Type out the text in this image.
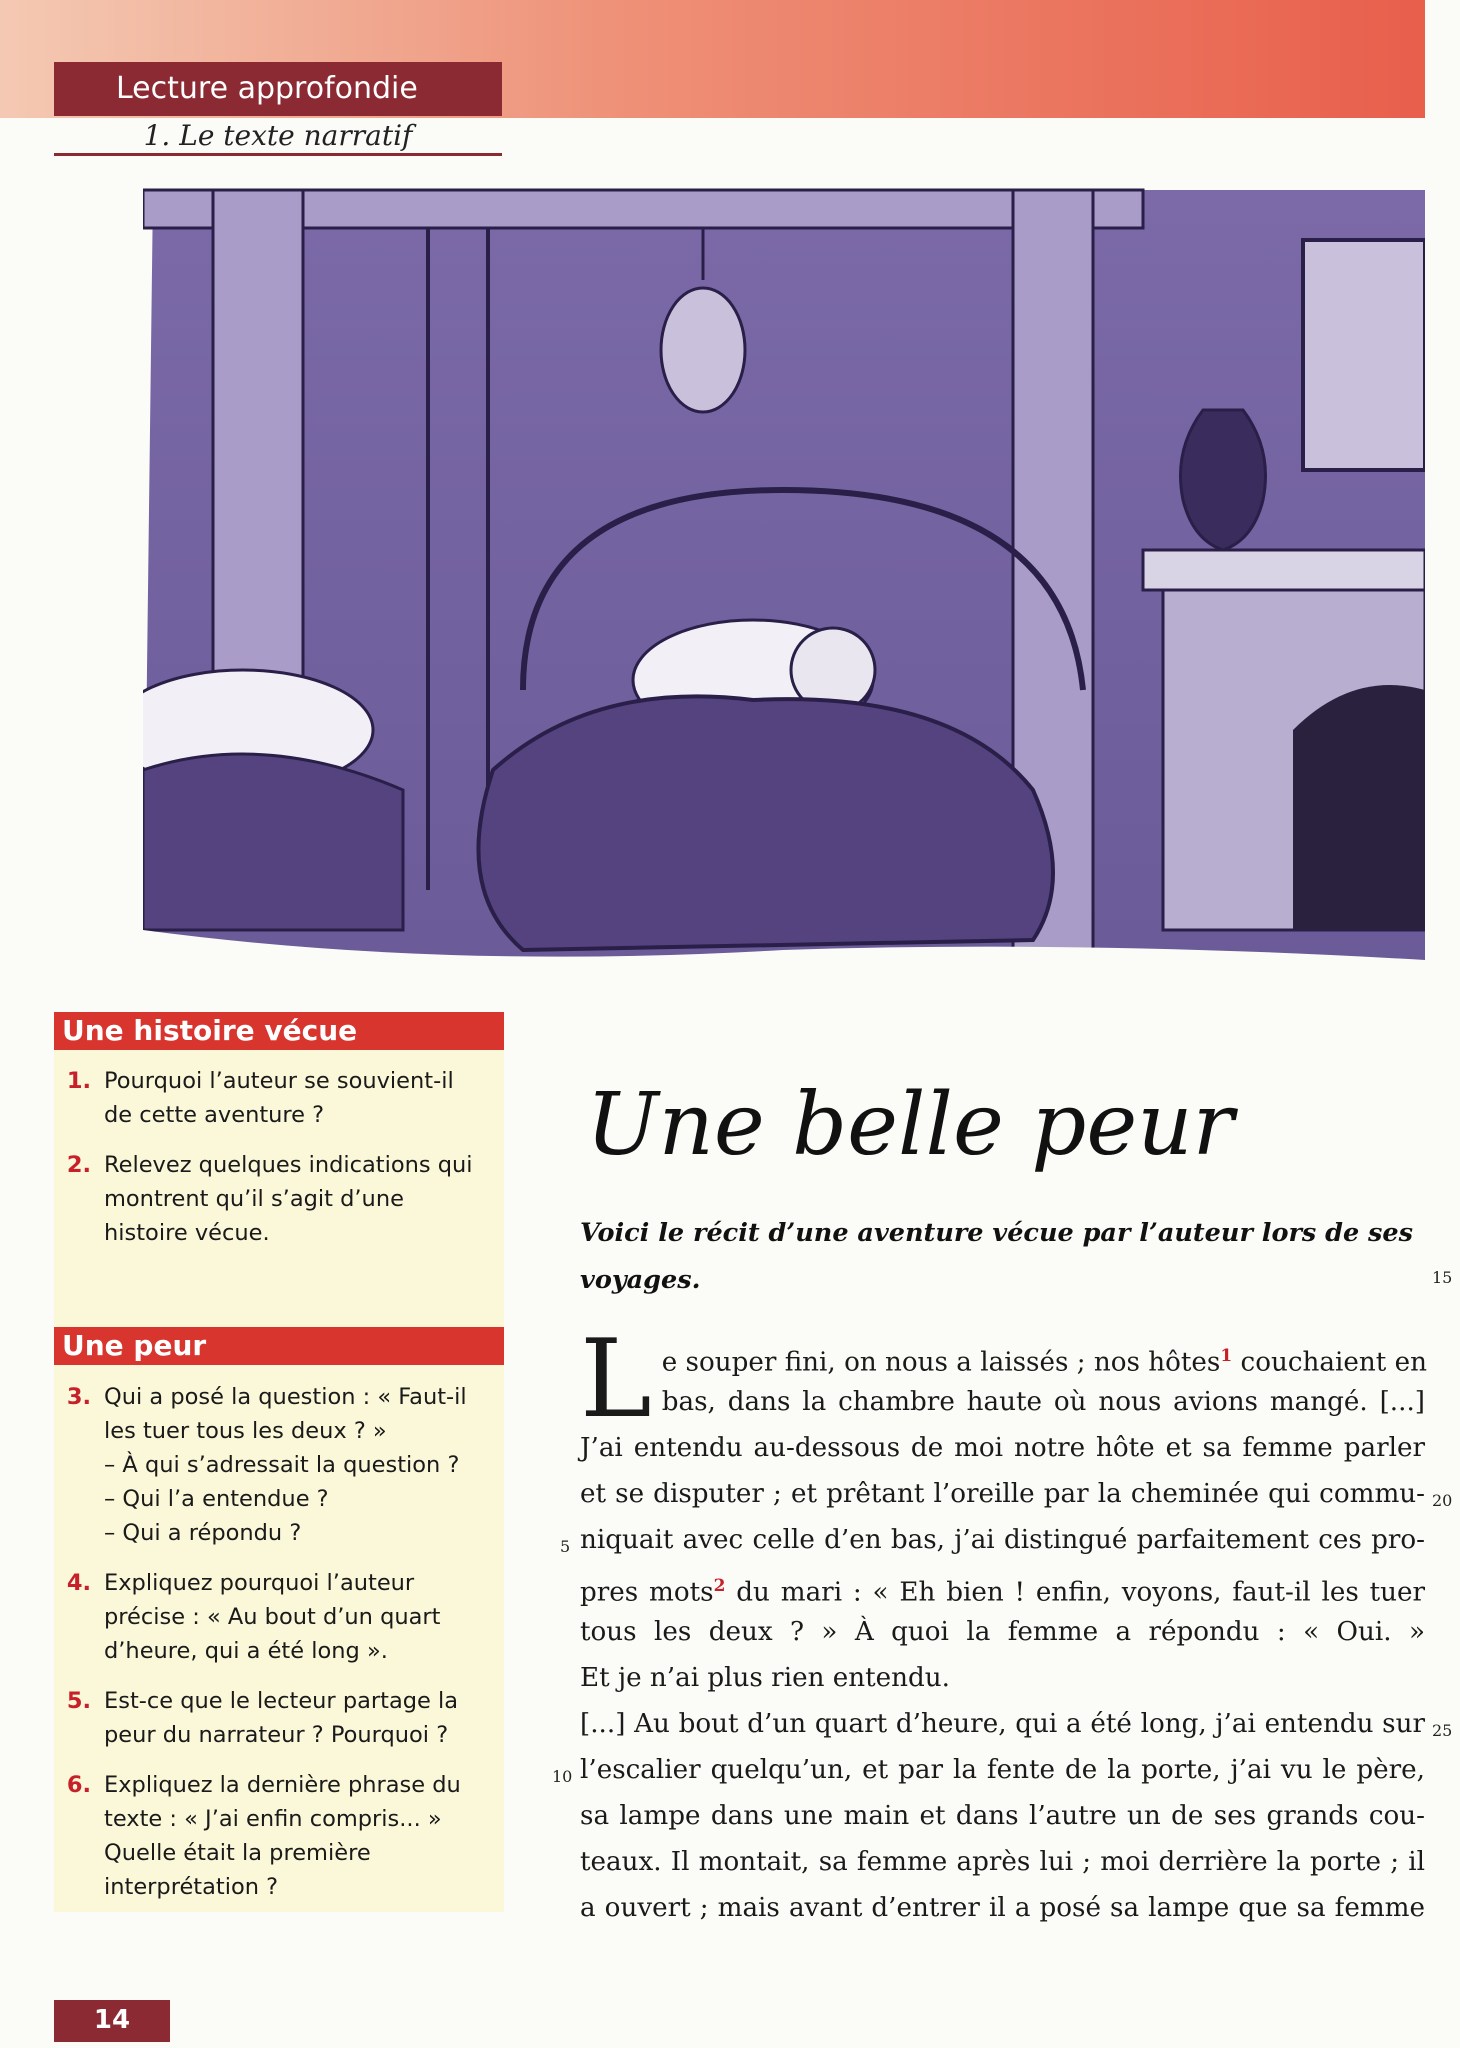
Lecture approfondie
1. Le texte narratif
Une histoire vécue
1. Pourquoi l’auteur se souvient-il de cette aventure ?
2. Relevez quelques indications qui montrent qu’il s’agit d’une histoire vécue.
Une peur
3. Qui a posé la question : « Faut-il les tuer tous les deux ? »
– À qui s’adressait la question ?
– Qui l’a entendue ?
– Qui a répondu ?
4. Expliquez pourquoi l’auteur précise : « Au bout d’un quart d’heure, qui a été long ».
5. Est-ce que le lecteur partage la peur du narrateur ? Pourquoi ?
6. Expliquez la dernière phrase du texte : « J’ai enfin compris... » Quelle était la première interprétation ?
Une belle peur
Voici le récit d’une aventure vécue par l’auteur lors de ses voyages.
L e souper fini, on nous a laissés ; nos hôtes$^1$ couchaient en
bas, dans la chambre haute où nous avions mangé. [...]
J’ai entendu au-dessous de moi notre hôte et sa femme parler
et se disputer ; et prêtant l’oreille par la cheminée qui commu-
niquait avec celle d’en bas, j’ai distingué parfaitement ces pro-
pres mots$^2$ du mari : « Eh bien ! enfin, voyons, faut-il les tuer
tous les deux ? » À quoi la femme a répondu : « Oui. »
Et je n’ai plus rien entendu.
[...] Au bout d’un quart d’heure, qui a été long, j’ai entendu sur
l’escalier quelqu’un, et par la fente de la porte, j’ai vu le père,
sa lampe dans une main et dans l’autre un de ses grands cou-
teaux. Il montait, sa femme après lui ; moi derrière la porte ; il
a ouvert ; mais avant d’entrer il a posé sa lampe que sa femme
15
20
5
25
10
14
